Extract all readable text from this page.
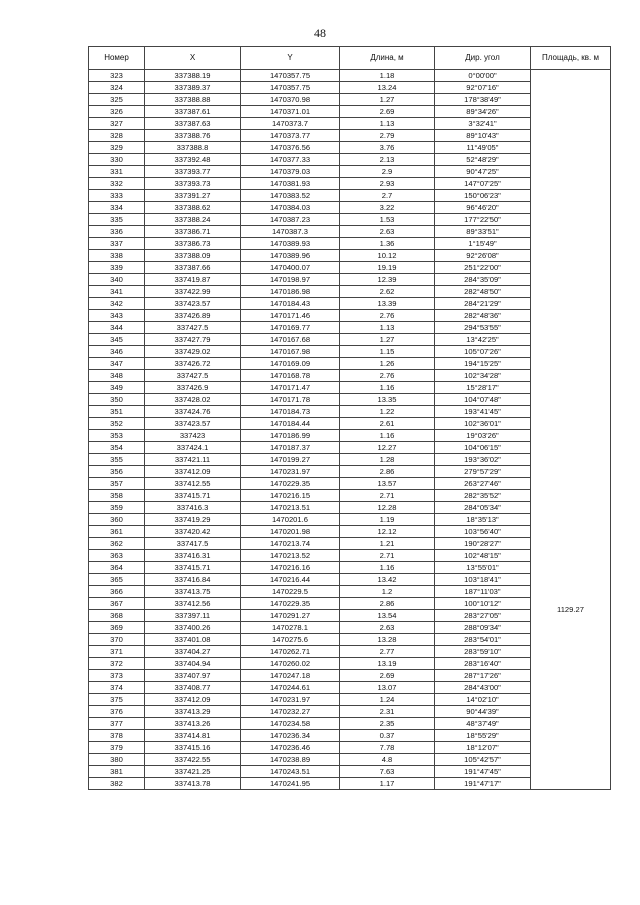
48
Номер	X	Y	Длина, м	Дир. угол	Площадь, кв. м
323	337388.19	1470357.75	1.18	0°00'00"	1129.27
324	337389.37	1470357.75	13.24	92°07'16"	
325	337388.88	1470370.98	1.27	178°38'49"	
326	337387.61	1470371.01	2.69	89°34'26"	
327	337387.63	1470373.7	1.13	3°32'41"	
328	337388.76	1470373.77	2.79	89°10'43"	
329	337388.8	1470376.56	3.76	11°49'05"	
330	337392.48	1470377.33	2.13	52°48'29"	
331	337393.77	1470379.03	2.9	90°47'25"	
332	337393.73	1470381.93	2.93	147°07'25"	
333	337391.27	1470383.52	2.7	150°06'23"	
334	337388.62	1470384.03	3.22	96°46'20"	
335	337388.24	1470387.23	1.53	177°22'50"	
336	337386.71	1470387.3	2.63	89°33'51"	
337	337386.73	1470389.93	1.36	1°15'49"	
338	337388.09	1470389.96	10.12	92°26'08"	
339	337387.66	1470400.07	19.19	251°22'00"	
340	337419.87	1470198.97	12.39	284°35'09"	
341	337422.99	1470186.98	2.62	282°48'50"	
342	337423.57	1470184.43	13.39	284°21'29"	
343	337426.89	1470171.46	2.76	282°48'36"	
344	337427.5	1470169.77	1.13	294°53'55"	
345	337427.79	1470167.68	1.27	13°42'25"	
346	337429.02	1470167.98	1.15	105°07'26"	
347	337426.72	1470169.09	1.26	194°15'25"	
348	337427.5	1470168.78	2.76	102°34'28"	
349	337426.9	1470171.47	1.16	15°28'17"	
350	337428.02	1470171.78	13.35	104°07'48"	
351	337424.76	1470184.73	1.22	193°41'45"	
352	337423.57	1470184.44	2.61	102°36'01"	
353	337423	1470186.99	1.16	19°03'26"	
354	337424.1	1470187.37	12.27	104°06'15"	
355	337421.11	1470199.27	1.28	193°36'02"	
356	337412.09	1470231.97	2.86	279°57'29"	
357	337412.55	1470229.35	13.57	263°27'46"	
358	337415.71	1470216.15	2.71	282°35'52"	
359	337416.3	1470213.51	12.28	284°05'34"	
360	337419.29	1470201.6	1.19	18°35'13"	
361	337420.42	1470201.98	12.12	103°56'40"	
362	337417.5	1470213.74	1.21	190°28'27"	
363	337416.31	1470213.52	2.71	102°48'15"	
364	337415.71	1470216.16	1.16	13°55'01"	
365	337416.84	1470216.44	13.42	103°18'41"	
366	337413.75	1470229.5	1.2	187°11'03"	
367	337412.56	1470229.35	2.86	100°10'12"	
368	337397.11	1470291.27	13.54	283°27'05"	
369	337400.26	1470278.1	2.63	288°09'34"	
370	337401.08	1470275.6	13.28	283°54'01"	
371	337404.27	1470262.71	2.77	283°59'10"	
372	337404.94	1470260.02	13.19	283°16'40"	
373	337407.97	1470247.18	2.69	287°17'26"	
374	337408.77	1470244.61	13.07	284°43'00"	
375	337412.09	1470231.97	1.24	14°02'10"	
376	337413.29	1470232.27	2.31	90°44'39"	
377	337413.26	1470234.58	2.35	48°37'49"	
378	337414.81	1470236.34	0.37	18°55'29"	
379	337415.16	1470236.46	7.78	18°12'07"	
380	337422.55	1470238.89	4.8	105°42'57"	
381	337421.25	1470243.51	7.63	191°47'45"	
382	337413.78	1470241.95	1.17	191°47'17"	
